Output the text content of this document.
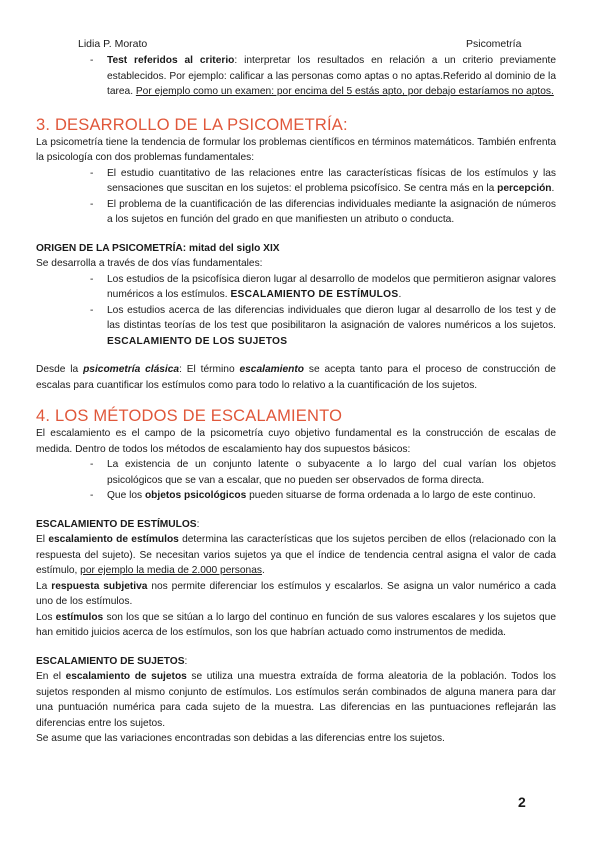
Lidia P. Morato	Psicometría
- Test referidos al criterio: interpretar los resultados en relación a un criterio previamente establecidos. Por ejemplo: calificar a las personas como aptas o no aptas.Referido al dominio de la tarea. Por ejemplo como un examen: por encima del 5 estás apto, por debajo estaríamos no aptos.
3. DESARROLLO DE LA PSICOMETRÍA:

La psicometría tiene la tendencia de formular los problemas científicos en términos matemáticos. También enfrenta la psicología con dos problemas fundamentales:

- El estudio cuantitativo de las relaciones entre las características físicas de los estímulos y las sensaciones que suscitan en los sujetos: el problema psicofísico. Se centra más en la percepción.
- El problema de la cuantificación de las diferencias individuales mediante la asignación de números a los sujetos en función del grado en que manifiesten un atributo o conducta.

ORIGEN DE LA PSICOMETRÍA: mitad del siglo XIX

Se desarrolla a través de dos vías fundamentales:

- Los estudios de la psicofísica dieron lugar al desarrollo de modelos que permitieron asignar valores numéricos a los estímulos. ESCALAMIENTO DE ESTÍMULOS.
- Los estudios acerca de las diferencias individuales que dieron lugar al desarrollo de los test y de las distintas teorías de los test que posibilitaron la asignación de valores numéricos a los sujetos. ESCALAMIENTO DE LOS SUJETOS

Desde la psicometría clásica: El término escalamiento se acepta tanto para el proceso de construcción de escalas para cuantificar los estímulos como para todo lo relativo a la cuantificación de los sujetos.

4. LOS MÉTODOS DE ESCALAMIENTO

El escalamiento es el campo de la psicometría cuyo objetivo fundamental es la construcción de escalas de medida. Dentro de todos los métodos de escalamiento hay dos supuestos básicos:

- La existencia de un conjunto latente o subyacente a lo largo del cual varían los objetos psicológicos que se van a escalar, que no pueden ser observados de forma directa.
- Que los objetos psicológicos pueden situarse de forma ordenada a lo largo de este continuo.

ESCALAMIENTO DE ESTÍMULOS:

El escalamiento de estímulos determina las características que los sujetos perciben de ellos (relacionado con la respuesta del sujeto). Se necesitan varios sujetos ya que el índice de tendencia central asigna el valor de cada estímulo, por ejemplo la media de 2.000 personas.

La respuesta subjetiva nos permite diferenciar los estímulos y escalarlos. Se asigna un valor numérico a cada uno de los estímulos.

Los estímulos son los que se sitúan a lo largo del continuo en función de sus valores escalares y los sujetos que han emitido juicios acerca de los estímulos, son los que habrían actuado como instrumentos de medida.

ESCALAMIENTO DE SUJETOS:

En el escalamiento de sujetos se utiliza una muestra extraída de forma aleatoria de la población. Todos los sujetos responden al mismo conjunto de estímulos. Los estímulos serán combinados de alguna manera para dar una puntuación numérica para cada sujeto de la muestra. Las diferencias en las puntuaciones reflejarán las diferencias entre los sujetos.

Se asume que las variaciones encontradas son debidas a las diferencias entre los sujetos.

2
